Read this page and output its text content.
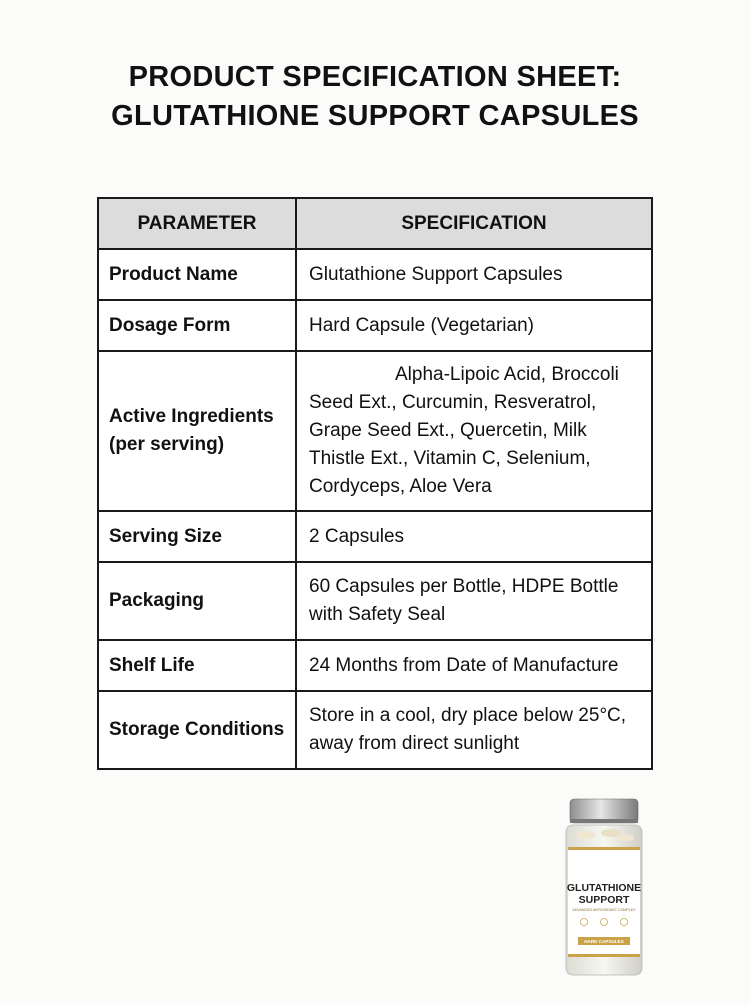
PRODUCT SPECIFICATION SHEET:
GLUTATHIONE SUPPORT CAPSULES
PARAMETER	SPECIFICATION
Product Name	Glutathione Support Capsules
Dosage Form	Hard Capsule (Vegetarian)
Active Ingredients (per serving)	Alpha-Lipoic Acid, Broccoli Seed Ext., Curcumin, Resveratrol, Grape Seed Ext., Quercetin, Milk Thistle Ext., Vitamin C, Selenium, Cordyceps, Aloe Vera
Serving Size	2 Capsules
Packaging	60 Capsules per Bottle, HDPE Bottle with Safety Seal
Shelf Life	24 Months from Date of Manufacture
Storage Conditions	Store in a cool, dry place below 25°C, away from direct sunlight
GLUTATHIONE
SUPPORT
ADVANCED ANTIOXIDANT COMPLEX
HARD CAPSULES
